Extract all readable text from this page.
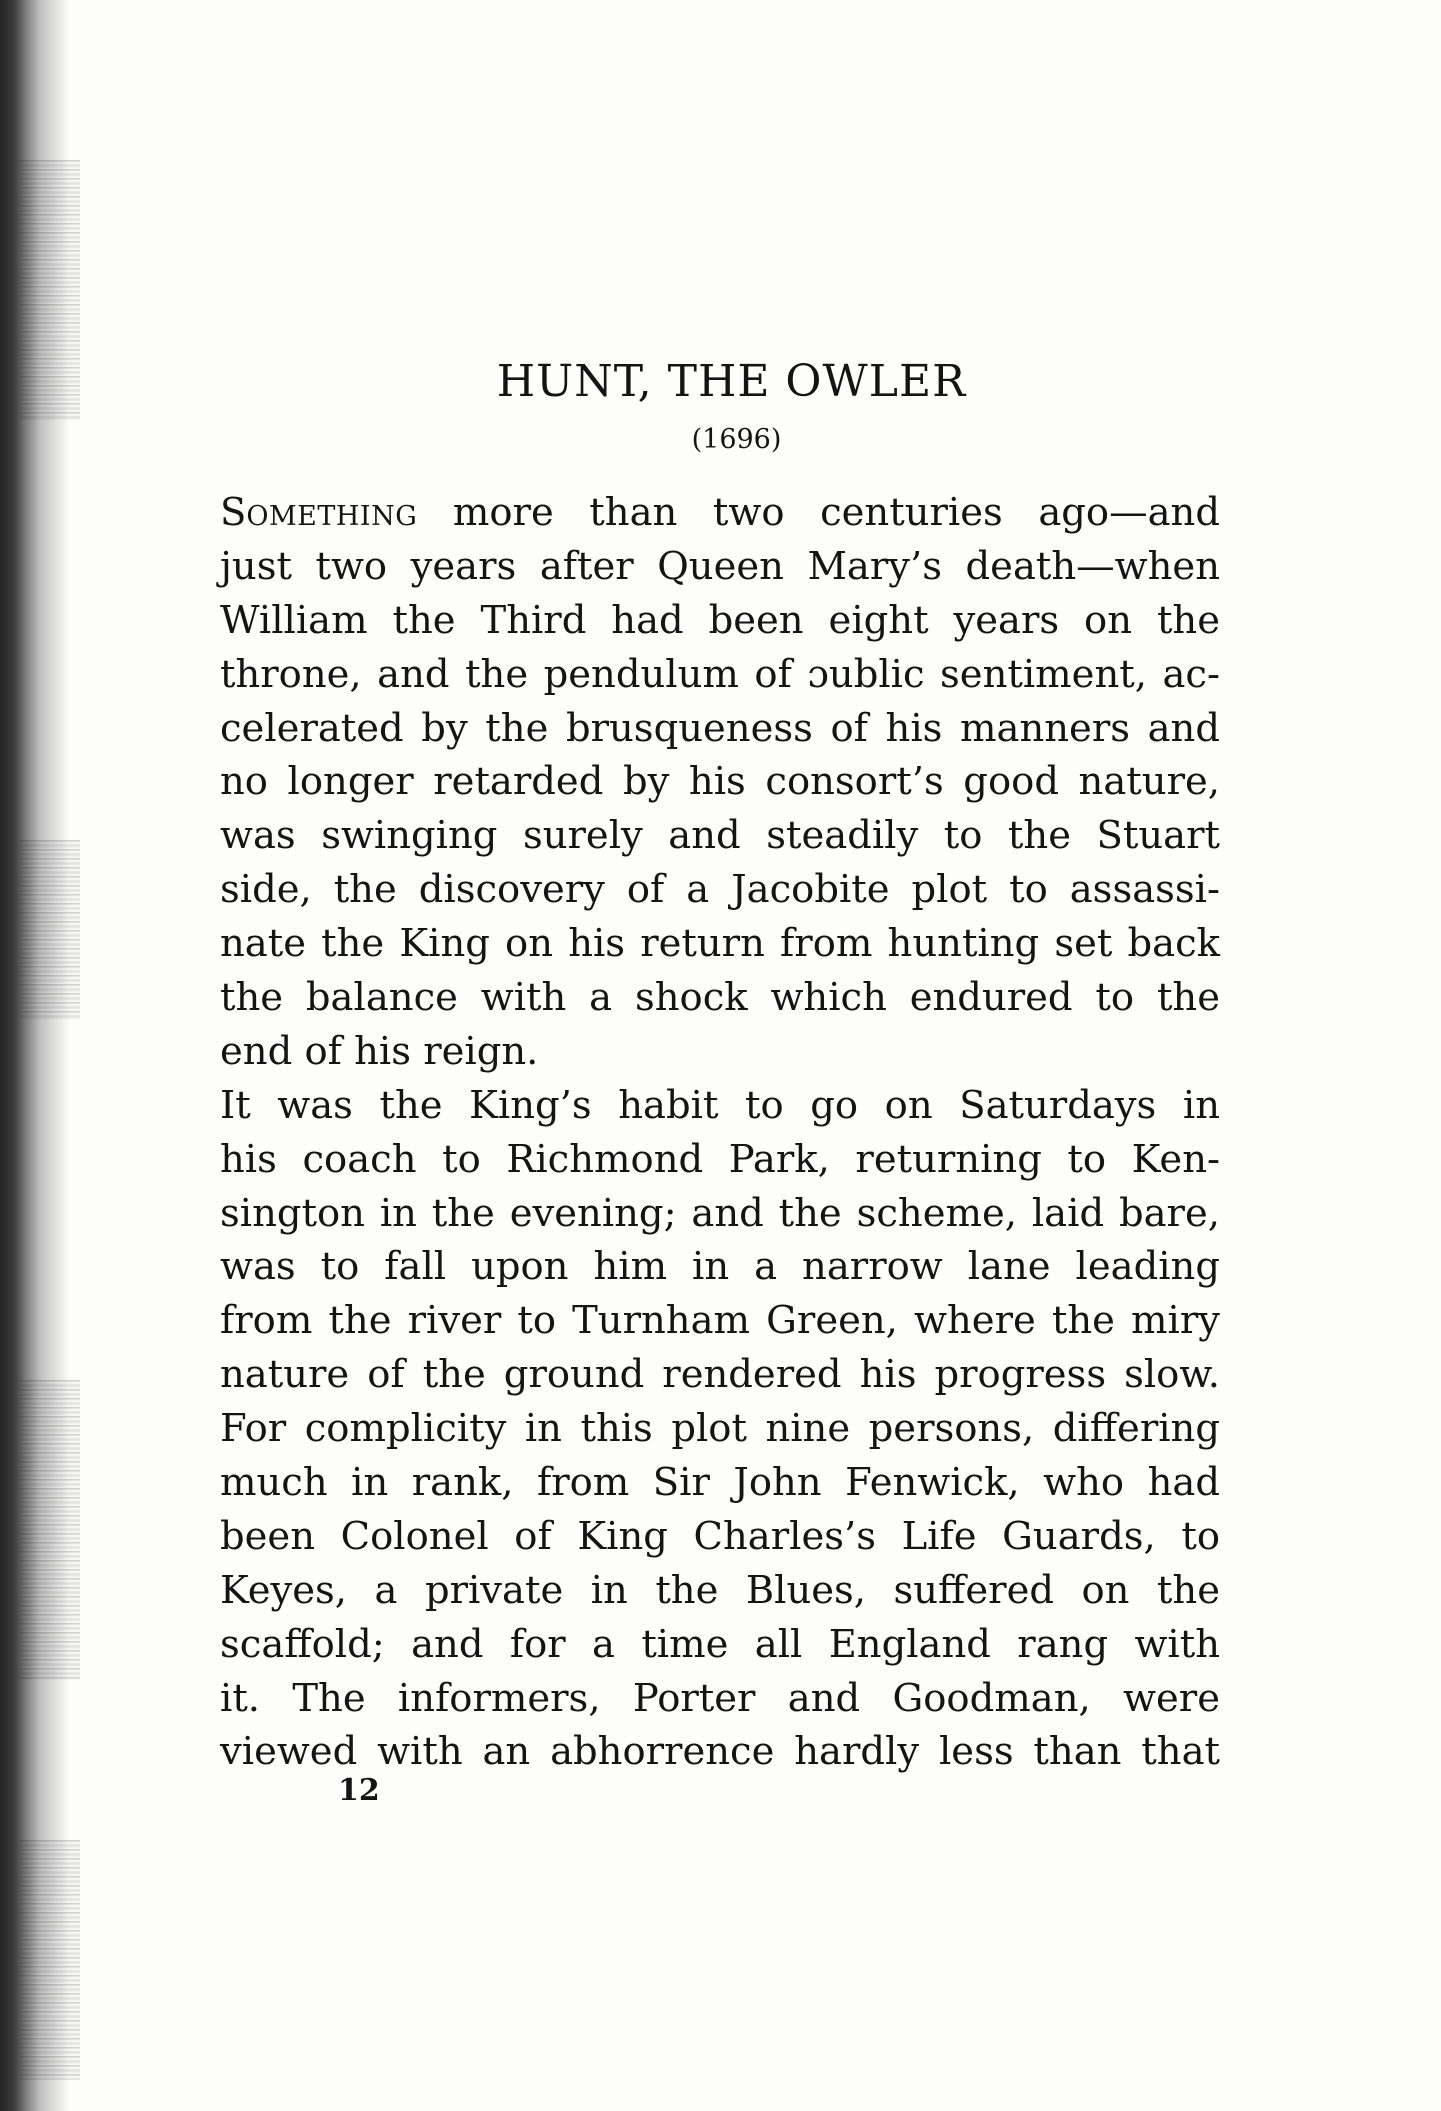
HUNT, THE OWLER
(1696)
SOMETHING more than two centuries ago—and
just two years after Queen Mary’s death—when
William the Third had been eight years on the
throne, and the pendulum of ɔublic sentiment, ac-
celerated by the brusqueness of his manners and
no longer retarded by his consort’s good nature,
was swinging surely and steadily to the Stuart
side, the discovery of a Jacobite plot to assassi-
nate the King on his return from hunting set back
the balance with a shock which endured to the
end of his reign.
It was the King’s habit to go on Saturdays in
his coach to Richmond Park, returning to Ken-
sington in the evening; and the scheme, laid bare,
was to fall upon him in a narrow lane leading
from the river to Turnham Green, where the miry
nature of the ground rendered his progress slow.
For complicity in this plot nine persons, differing
much in rank, from Sir John Fenwick, who had
been Colonel of King Charles’s Life Guards, to
Keyes, a private in the Blues, suffered on the
scaffold; and for a time all England rang with
it. The informers, Porter and Goodman, were
viewed with an abhorrence hardly less than that
12
